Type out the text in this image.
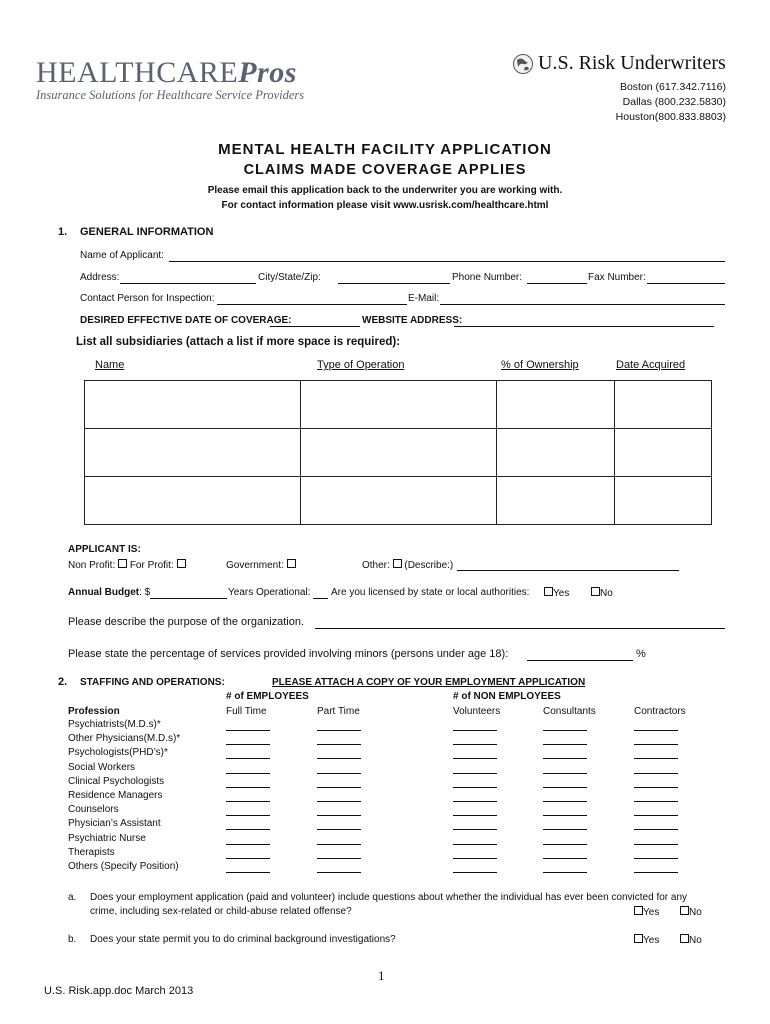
HEALTHCAREPros
Insurance Solutions for Healthcare Service Providers
U.S. Risk Underwriters
Boston (617.342.7116)
Dallas (800.232.5830)
Houston(800.833.8803)
MENTAL HEALTH FACILITY APPLICATION
CLAIMS MADE COVERAGE APPLIES
Please email this application back to the underwriter you are working with.
For contact information please visit www.usrisk.com/healthcare.html
1. GENERAL INFORMATION
Name of Applicant:
Address:	City/State/Zip:	Phone Number:	Fax Number:
Contact Person for Inspection:	E-Mail:
DESIRED EFFECTIVE DATE OF COVERAGE:	WEBSITE ADDRESS:
List all subsidiaries (attach a list if more space is required):
Name	Type of Operation	% of Ownership	Date Acquired

APPLICANT IS:
Non Profit: For Profit:	Government:	Other: (Describe:)
Annual Budget: $	Years Operational: Are you licensed by state or local authorities:	Yes	No
Please describe the purpose of the organization.
Please state the percentage of services provided involving minors (persons under age 18):	%
2. STAFFING AND OPERATIONS:	PLEASE ATTACH A COPY OF YOUR EMPLOYMENT APPLICATION
# of EMPLOYEES	# of NON EMPLOYEES
Profession	Full Time	Part Time	Volunteers	Consultants	Contractors
Psychiatrists(M.D.s)*
Other Physicians(M.D.s)*
Psychologists(PHD’s)*
Social Workers
Clinical Psychologists
Residence Managers
Counselors
Physician’s Assistant
Psychiatric Nurse
Therapists
Others (Specify Position)
a. Does your employment application (paid and volunteer) include questions about whether the individual has ever been convicted for any
crime, including sex-related or child-abuse related offense?	Yes	No
b. Does your state permit you to do criminal background investigations?	Yes	No
1
U.S. Risk.app.doc March 2013
